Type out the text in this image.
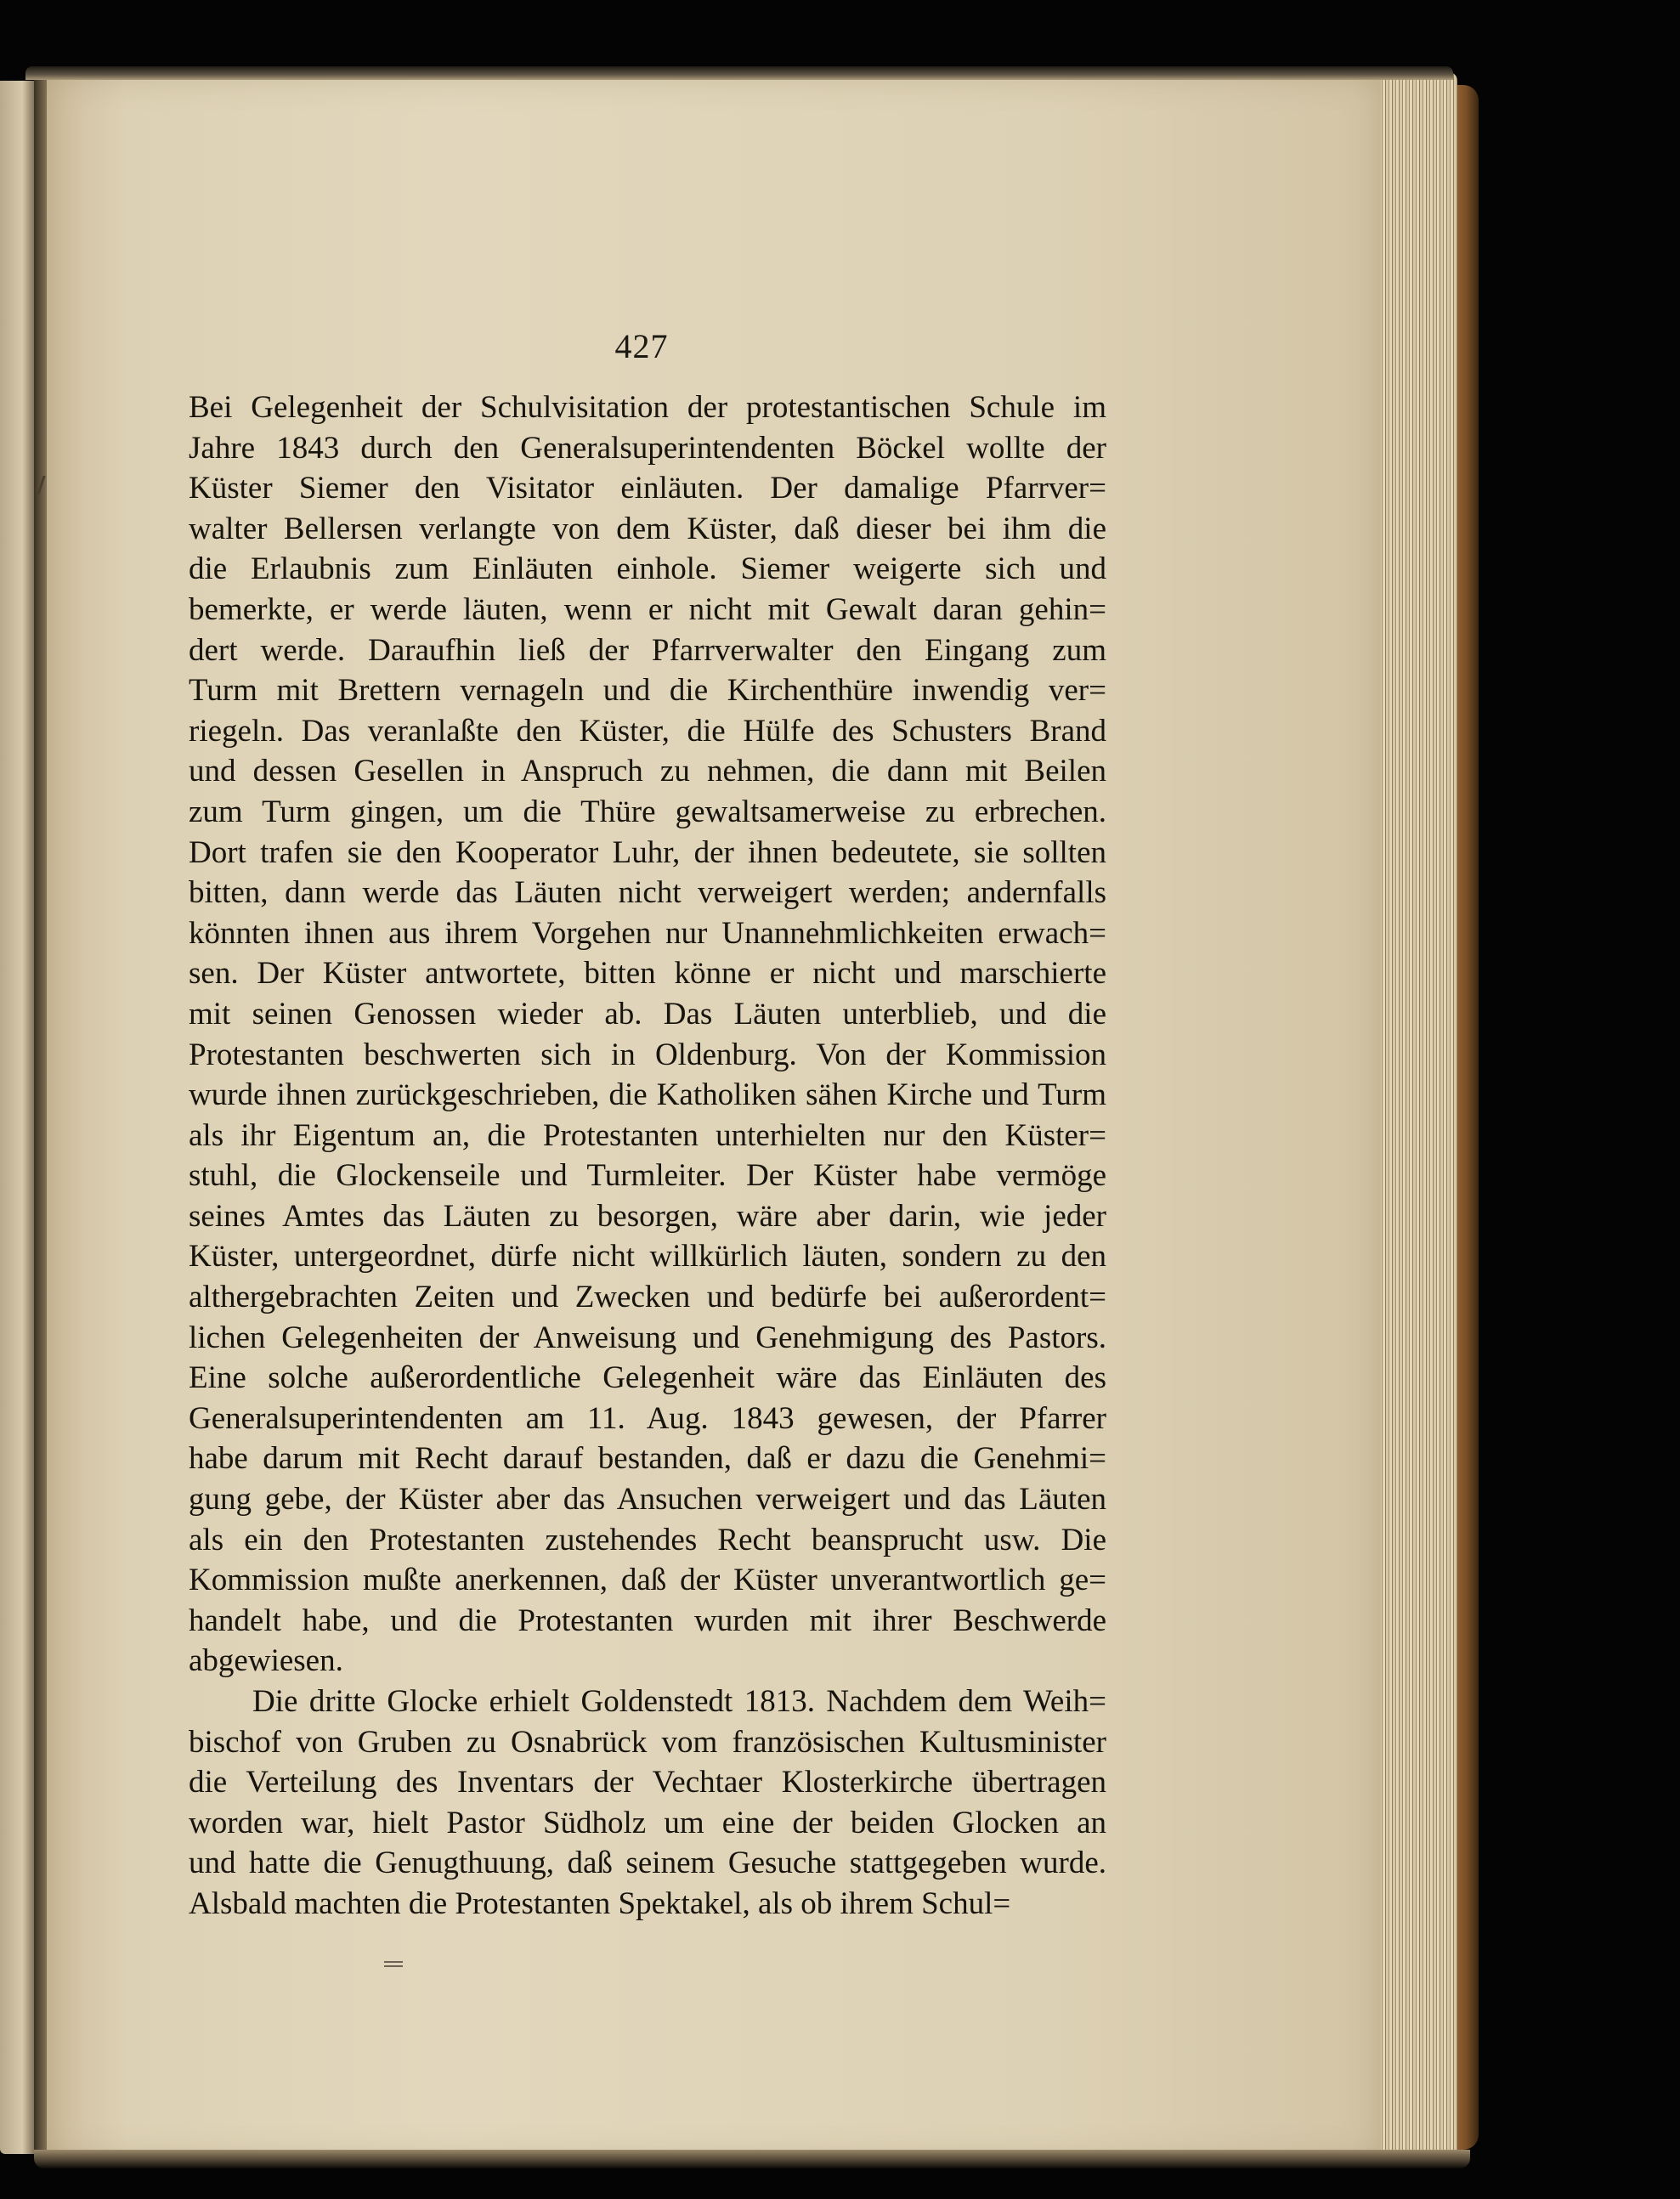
427
Bei Gelegenheit der Schulvisitation der protestantischen Schule im
Jahre 1843 durch den Generalsuperintendenten Böckel wollte der
Küster Siemer den Visitator einläuten. Der damalige Pfarrver=
walter Bellersen verlangte von dem Küster, daß dieser bei ihm die
die Erlaubnis zum Einläuten einhole. Siemer weigerte sich und
bemerkte, er werde läuten, wenn er nicht mit Gewalt daran gehin=
dert werde. Daraufhin ließ der Pfarrverwalter den Eingang zum
Turm mit Brettern vernageln und die Kirchenthüre inwendig ver=
riegeln. Das veranlaßte den Küster, die Hülfe des Schusters Brand
und dessen Gesellen in Anspruch zu nehmen, die dann mit Beilen
zum Turm gingen, um die Thüre gewaltsamerweise zu erbrechen.
Dort trafen sie den Kooperator Luhr, der ihnen bedeutete, sie sollten
bitten, dann werde das Läuten nicht verweigert werden; andernfalls
könnten ihnen aus ihrem Vorgehen nur Unannehmlichkeiten erwach=
sen. Der Küster antwortete, bitten könne er nicht und marschierte
mit seinen Genossen wieder ab. Das Läuten unterblieb, und die
Protestanten beschwerten sich in Oldenburg. Von der Kommission
wurde ihnen zurückgeschrieben, die Katholiken sähen Kirche und Turm
als ihr Eigentum an, die Protestanten unterhielten nur den Küster=
stuhl, die Glockenseile und Turmleiter. Der Küster habe vermöge
seines Amtes das Läuten zu besorgen, wäre aber darin, wie jeder
Küster, untergeordnet, dürfe nicht willkürlich läuten, sondern zu den
althergebrachten Zeiten und Zwecken und bedürfe bei außerordent=
lichen Gelegenheiten der Anweisung und Genehmigung des Pastors.
Eine solche außerordentliche Gelegenheit wäre das Einläuten des
Generalsuperintendenten am 11. Aug. 1843 gewesen, der Pfarrer
habe darum mit Recht darauf bestanden, daß er dazu die Genehmi=
gung gebe, der Küster aber das Ansuchen verweigert und das Läuten
als ein den Protestanten zustehendes Recht beansprucht usw. Die
Kommission mußte anerkennen, daß der Küster unverantwortlich ge=
handelt habe, und die Protestanten wurden mit ihrer Beschwerde
abgewiesen.
Die dritte Glocke erhielt Goldenstedt 1813. Nachdem dem Weih=
bischof von Gruben zu Osnabrück vom französischen Kultusminister
die Verteilung des Inventars der Vechtaer Klosterkirche übertragen
worden war, hielt Pastor Südholz um eine der beiden Glocken an
und hatte die Genugthuung, daß seinem Gesuche stattgegeben wurde.
Alsbald machten die Protestanten Spektakel, als ob ihrem Schul=
